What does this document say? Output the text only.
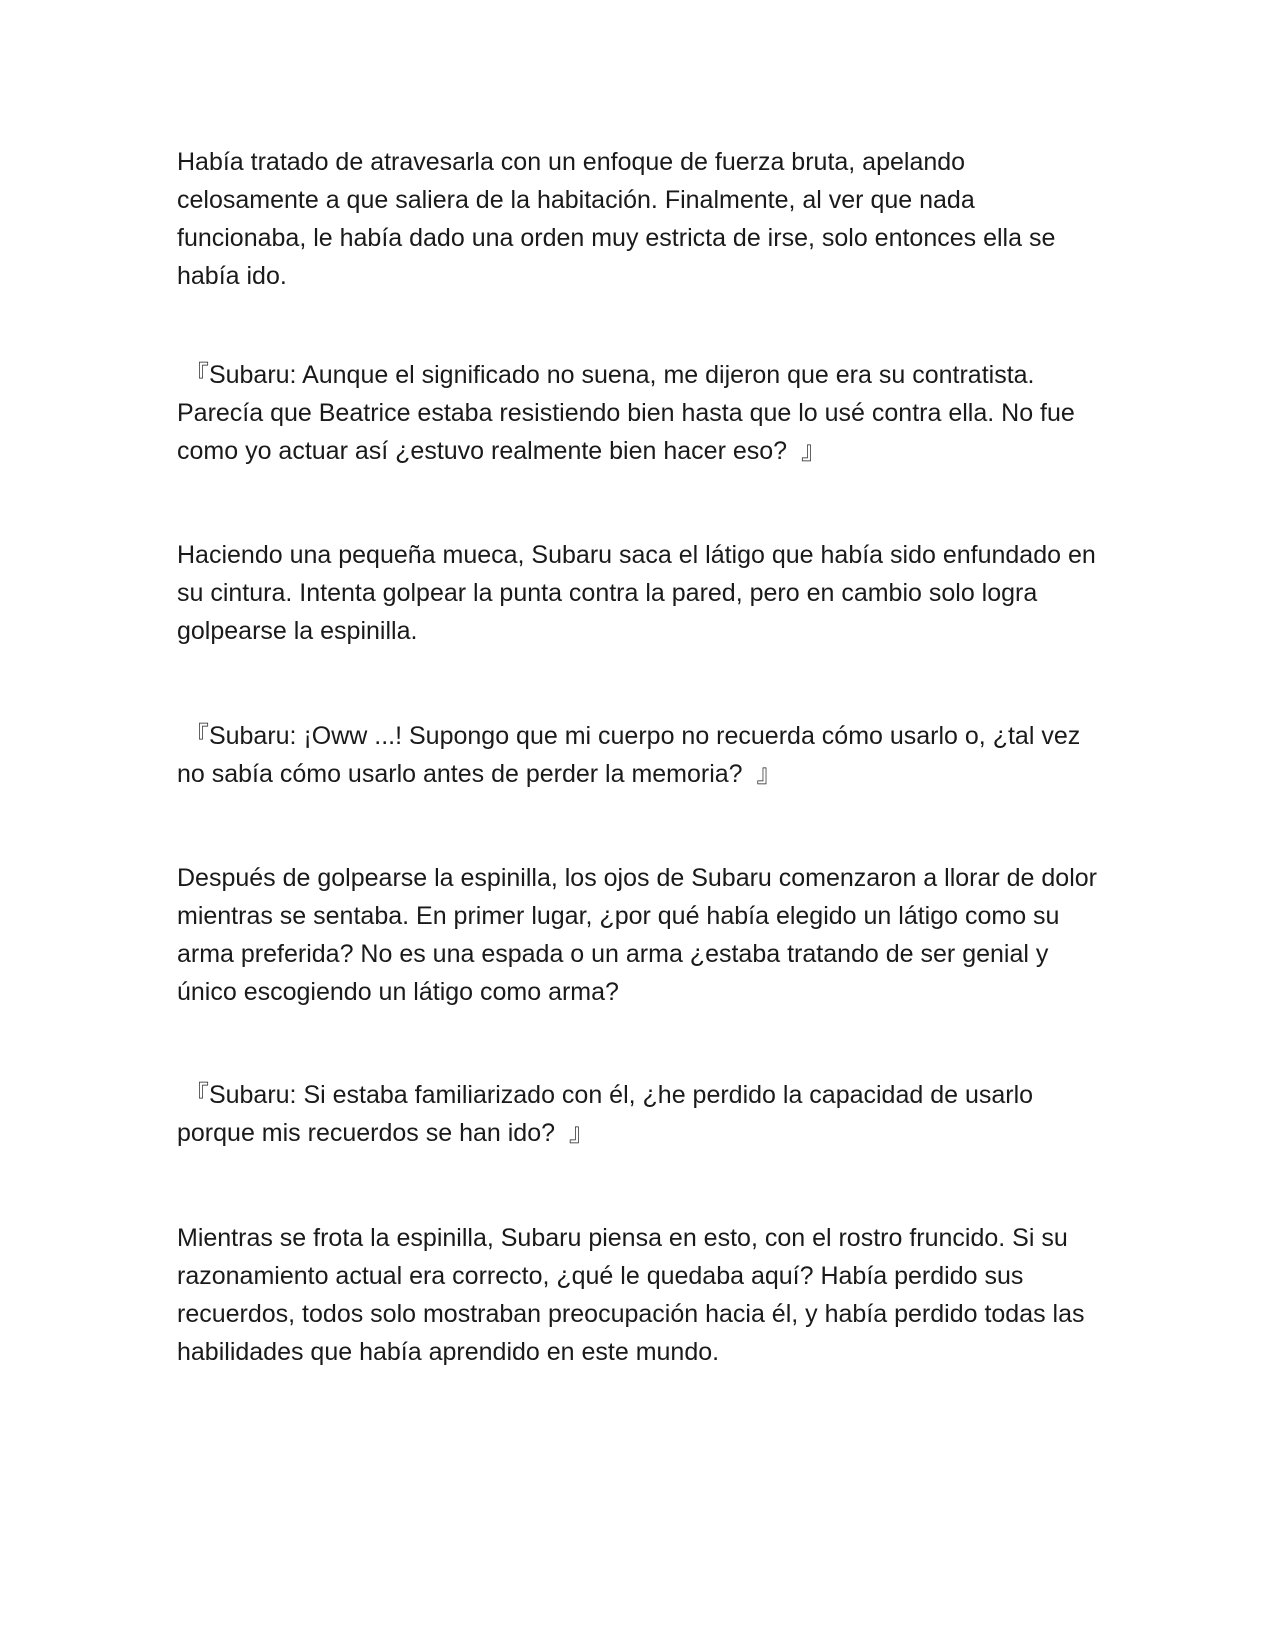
Había tratado de atravesarla con un enfoque de fuerza bruta, apelando celosamente a que saliera de la habitación. Finalmente, al ver que nada funcionaba, le había dado una orden muy estricta de irse, solo entonces ella se había ido.

『Subaru: Aunque el significado no suena, me dijeron que era su contratista. Parecía que Beatrice estaba resistiendo bien hasta que lo usé contra ella. No fue como yo actuar así ¿estuvo realmente bien hacer eso?  』

Haciendo una pequeña mueca, Subaru saca el látigo que había sido enfundado en su cintura. Intenta golpear la punta contra la pared, pero en cambio solo logra golpearse la espinilla.

『Subaru: ¡Oww ...! Supongo que mi cuerpo no recuerda cómo usarlo o, ¿tal vez no sabía cómo usarlo antes de perder la memoria?  』

Después de golpearse la espinilla, los ojos de Subaru comenzaron a llorar de dolor mientras se sentaba. En primer lugar, ¿por qué había elegido un látigo como su arma preferida? No es una espada o un arma ¿estaba tratando de ser genial y único escogiendo un látigo como arma?

『Subaru: Si estaba familiarizado con él, ¿he perdido la capacidad de usarlo porque mis recuerdos se han ido?  』

Mientras se frota la espinilla, Subaru piensa en esto, con el rostro fruncido. Si su razonamiento actual era correcto, ¿qué le quedaba aquí? Había perdido sus recuerdos, todos solo mostraban preocupación hacia él, y había perdido todas las habilidades que había aprendido en este mundo.
